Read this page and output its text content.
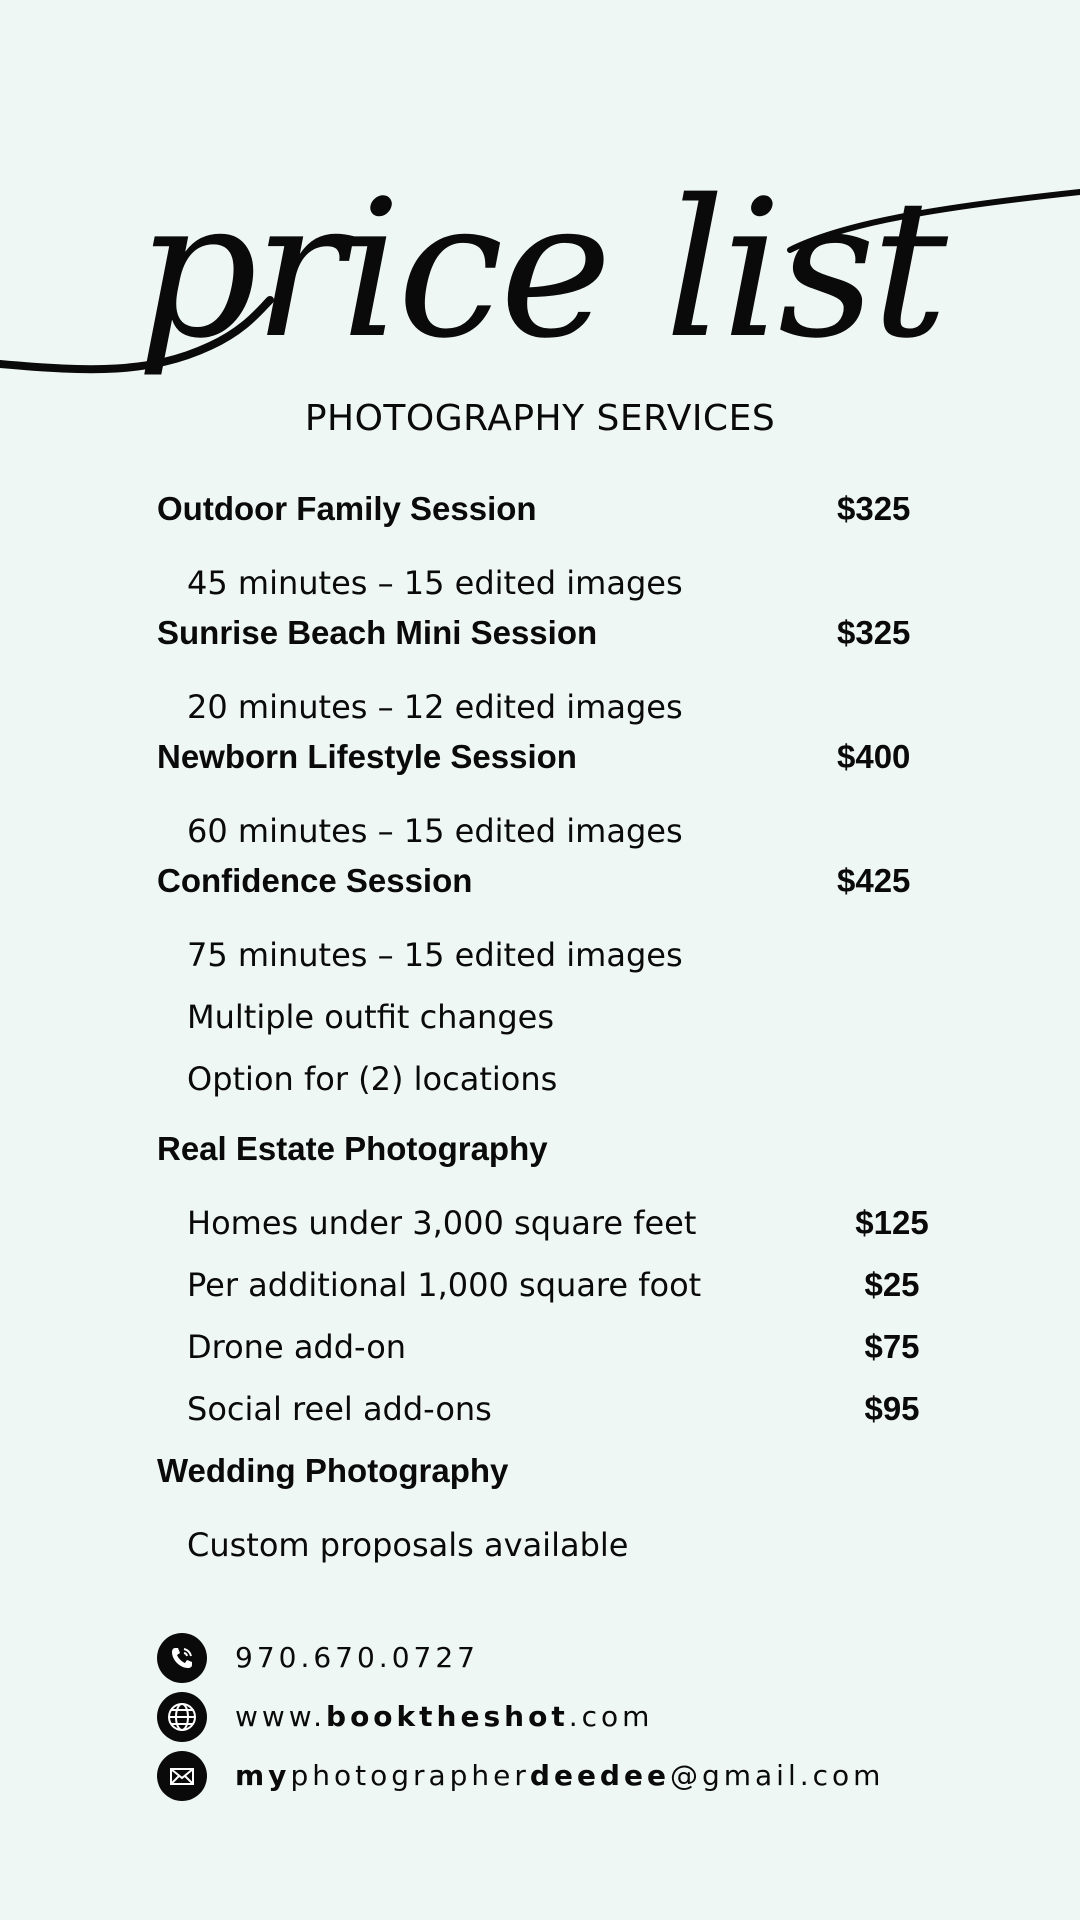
price list
PHOTOGRAPHY SERVICES
Outdoor Family Session	$325
45 minutes – 15 edited images
Sunrise Beach Mini Session	$325
20 minutes – 12 edited images
Newborn Lifestyle Session	$400
60 minutes – 15 edited images
Confidence Session	$425
75 minutes – 15 edited images
Multiple outfit changes
Option for (2) locations
Real Estate Photography
Homes under 3,000 square feet	$125
Per additional 1,000 square foot	$25
Drone add-on	$75
Social reel add-ons	$95
Wedding Photography
Custom proposals available
970.670.0727
www.booktheshot.com
myphotographerdeedee@gmail.com
